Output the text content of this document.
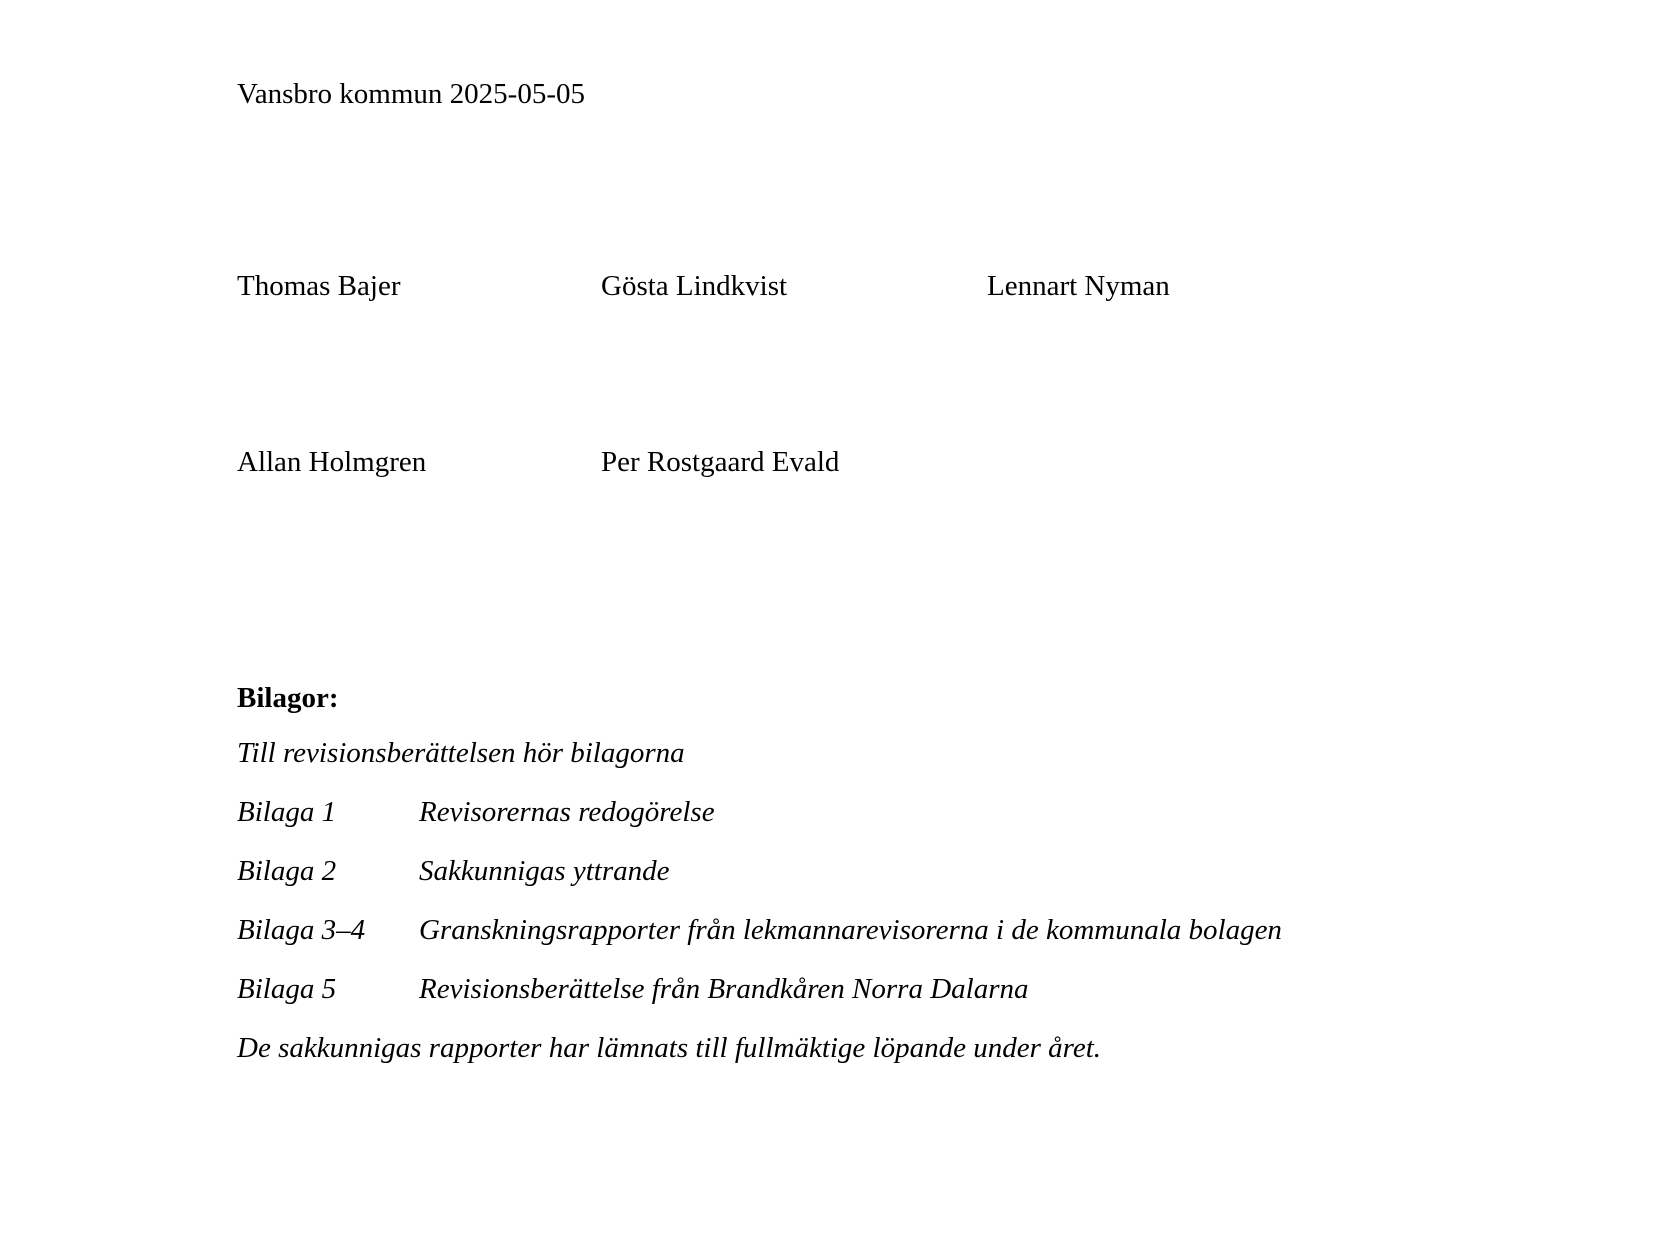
Vansbro kommun 2025-05-05
Thomas Bajer	Gösta Lindkvist	Lennart Nyman
Allan Holmgren	Per Rostgaard Evald
Bilagor:
Till revisionsberättelsen hör bilagorna
Bilaga 1	Revisorernas redogörelse
Bilaga 2	Sakkunnigas yttrande
Bilaga 3–4 Granskningsrapporter från lekmannarevisorerna i de kommunala bolagen
Bilaga 5	Revisionsberättelse från Brandkåren Norra Dalarna
De sakkunnigas rapporter har lämnats till fullmäktige löpande under året.
